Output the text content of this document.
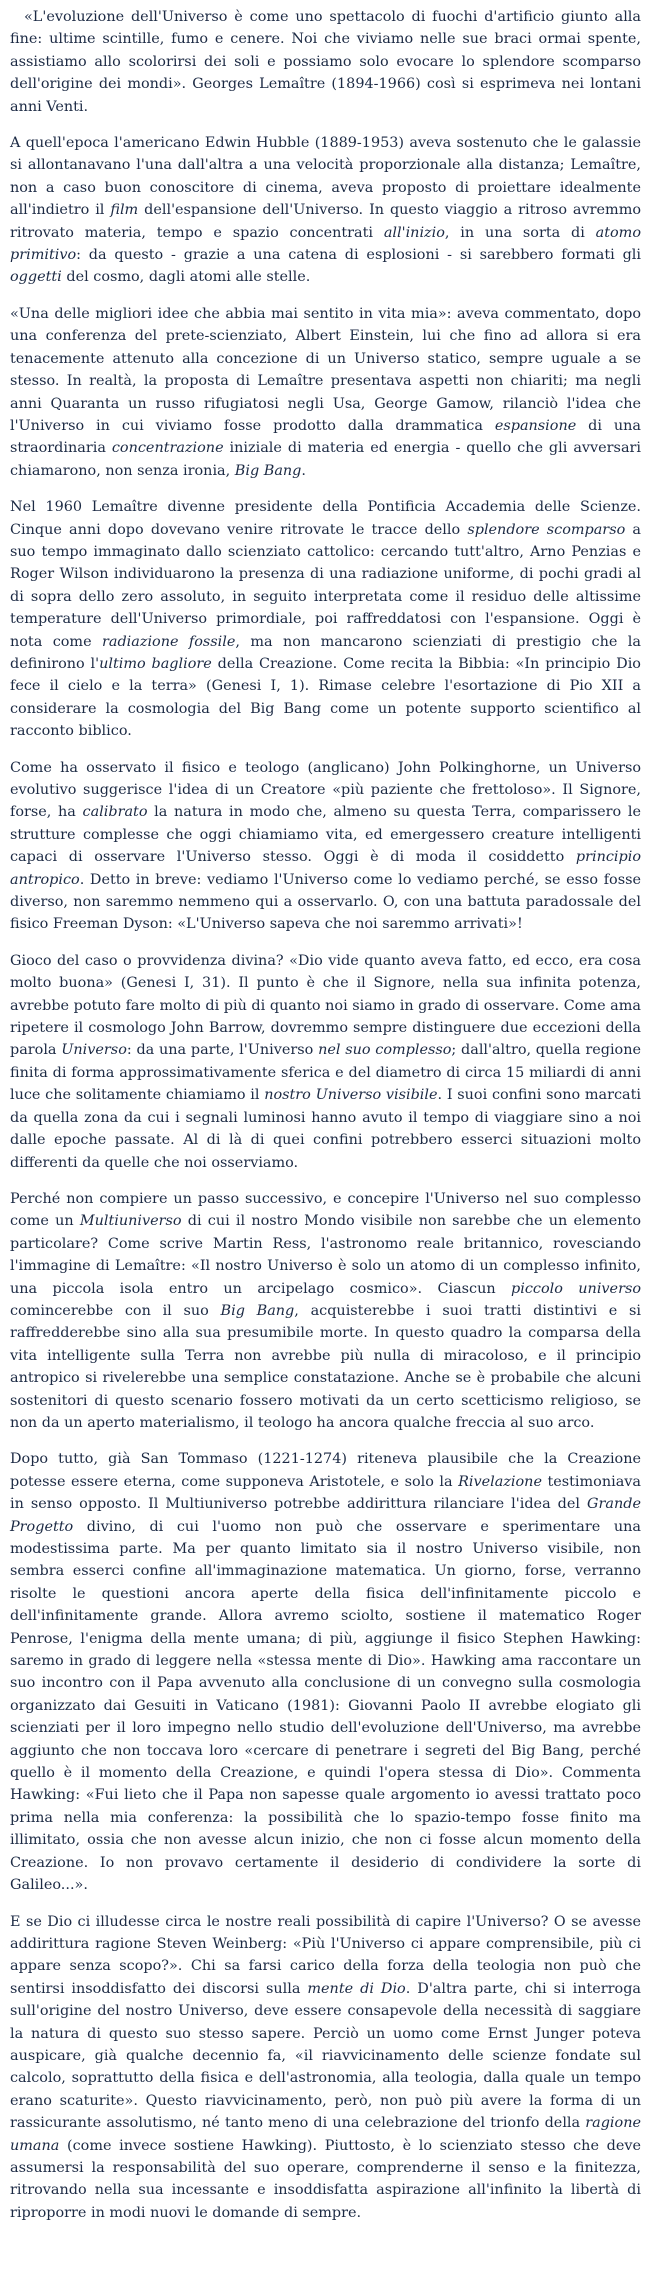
«L'evoluzione dell'Universo è come uno spettacolo di fuochi d'artificio giunto alla fine: ultime scintille, fumo e cenere. Noi che viviamo nelle sue braci ormai spente, assistiamo allo scolorirsi dei soli e possiamo solo evocare lo splendore scomparso dell'origine dei mondi». Georges Lemaître (1894-1966) così si esprimeva nei lontani anni Venti.

A quell'epoca l'americano Edwin Hubble (1889-1953) aveva sostenuto che le galassie si allontanavano l'una dall'altra a una velocità proporzionale alla distanza; Lemaître, non a caso buon conoscitore di cinema, aveva proposto di proiettare idealmente all'indietro il film dell'espansione dell'Universo. In questo viaggio a ritroso avremmo ritrovato materia, tempo e spazio concentrati all'inizio, in una sorta di atomo primitivo: da questo - grazie a una catena di esplosioni - si sarebbero formati gli oggetti del cosmo, dagli atomi alle stelle.

«Una delle migliori idee che abbia mai sentito in vita mia»: aveva commentato, dopo una conferenza del prete-scienziato, Albert Einstein, lui che fino ad allora si era tenacemente attenuto alla concezione di un Universo statico, sempre uguale a se stesso. In realtà, la proposta di Lemaître presentava aspetti non chiariti; ma negli anni Quaranta un russo rifugiatosi negli Usa, George Gamow, rilanciò l'idea che l'Universo in cui viviamo fosse prodotto dalla drammatica espansione di una straordinaria concentrazione iniziale di materia ed energia - quello che gli avversari chiamarono, non senza ironia, Big Bang.

Nel 1960 Lemaître divenne presidente della Pontificia Accademia delle Scienze. Cinque anni dopo dovevano venire ritrovate le tracce dello splendore scomparso a suo tempo immaginato dallo scienziato cattolico: cercando tutt'altro, Arno Penzias e Roger Wilson individuarono la presenza di una radiazione uniforme, di pochi gradi al di sopra dello zero assoluto, in seguito interpretata come il residuo delle altissime temperature dell'Universo primordiale, poi raffreddatosi con l'espansione. Oggi è nota come radiazione fossile, ma non mancarono scienziati di prestigio che la definirono l'ultimo bagliore della Creazione. Come recita la Bibbia: «In principio Dio fece il cielo e la terra» (Genesi I, 1). Rimase celebre l'esortazione di Pio XII a considerare la cosmologia del Big Bang come un potente supporto scientifico al racconto biblico.

Come ha osservato il fisico e teologo (anglicano) John Polkinghorne, un Universo evolutivo suggerisce l'idea di un Creatore «più paziente che frettoloso». Il Signore, forse, ha calibrato la natura in modo che, almeno su questa Terra, comparissero le strutture complesse che oggi chiamiamo vita, ed emergessero creature intelligenti capaci di osservare l'Universo stesso. Oggi è di moda il cosiddetto principio antropico. Detto in breve: vediamo l'Universo come lo vediamo perché, se esso fosse diverso, non saremmo nemmeno qui a osservarlo. O, con una battuta paradossale del fisico Freeman Dyson: «L'Universo sapeva che noi saremmo arrivati»!

Gioco del caso o provvidenza divina? «Dio vide quanto aveva fatto, ed ecco, era cosa molto buona» (Genesi I, 31). Il punto è che il Signore, nella sua infinita potenza, avrebbe potuto fare molto di più di quanto noi siamo in grado di osservare. Come ama ripetere il cosmologo John Barrow, dovremmo sempre distinguere due eccezioni della parola Universo: da una parte, l'Universo nel suo complesso; dall'altro, quella regione finita di forma approssimativamente sferica e del diametro di circa 15 miliardi di anni luce che solitamente chiamiamo il nostro Universo visibile. I suoi confini sono marcati da quella zona da cui i segnali luminosi hanno avuto il tempo di viaggiare sino a noi dalle epoche passate. Al di là di quei confini potrebbero esserci situazioni molto differenti da quelle che noi osserviamo.

Perché non compiere un passo successivo, e concepire l'Universo nel suo complesso come un Multiuniverso di cui il nostro Mondo visibile non sarebbe che un elemento particolare? Come scrive Martin Ress, l'astronomo reale britannico, rovesciando l'immagine di Lemaître: «Il nostro Universo è solo un atomo di un complesso infinito, una piccola isola entro un arcipelago cosmico». Ciascun piccolo universo comincerebbe con il suo Big Bang, acquisterebbe i suoi tratti distintivi e si raffredderebbe sino alla sua presumibile morte. In questo quadro la comparsa della vita intelligente sulla Terra non avrebbe più nulla di miracoloso, e il principio antropico si rivelerebbe una semplice constatazione. Anche se è probabile che alcuni sostenitori di questo scenario fossero motivati da un certo scetticismo religioso, se non da un aperto materialismo, il teologo ha ancora qualche freccia al suo arco.

Dopo tutto, già San Tommaso (1221-1274) riteneva plausibile che la Creazione potesse essere eterna, come supponeva Aristotele, e solo la Rivelazione testimoniava in senso opposto. Il Multiuniverso potrebbe addirittura rilanciare l'idea del Grande Progetto divino, di cui l'uomo non può che osservare e sperimentare una modestissima parte. Ma per quanto limitato sia il nostro Universo visibile, non sembra esserci confine all'immaginazione matematica. Un giorno, forse, verranno risolte le questioni ancora aperte della fisica dell'infinitamente piccolo e dell'infinitamente grande. Allora avremo sciolto, sostiene il matematico Roger Penrose, l'enigma della mente umana; di più, aggiunge il fisico Stephen Hawking: saremo in grado di leggere nella «stessa mente di Dio». Hawking ama raccontare un suo incontro con il Papa avvenuto alla conclusione di un convegno sulla cosmologia organizzato dai Gesuiti in Vaticano (1981): Giovanni Paolo II avrebbe elogiato gli scienziati per il loro impegno nello studio dell'evoluzione dell'Universo, ma avrebbe aggiunto che non toccava loro «cercare di penetrare i segreti del Big Bang, perché quello è il momento della Creazione, e quindi l'opera stessa di Dio». Commenta Hawking: «Fui lieto che il Papa non sapesse quale argomento io avessi trattato poco prima nella mia conferenza: la possibilità che lo spazio-tempo fosse finito ma illimitato, ossia che non avesse alcun inizio, che non ci fosse alcun momento della Creazione. Io non provavo certamente il desiderio di condividere la sorte di Galileo...».

E se Dio ci illudesse circa le nostre reali possibilità di capire l'Universo? O se avesse addirittura ragione Steven Weinberg: «Più l'Universo ci appare comprensibile, più ci appare senza scopo?». Chi sa farsi carico della forza della teologia non può che sentirsi insoddisfatto dei discorsi sulla mente di Dio. D'altra parte, chi si interroga sull'origine del nostro Universo, deve essere consapevole della necessità di saggiare la natura di questo suo stesso sapere. Perciò un uomo come Ernst Junger poteva auspicare, già qualche decennio fa, «il riavvicinamento delle scienze fondate sul calcolo, soprattutto della fisica e dell'astronomia, alla teologia, dalla quale un tempo erano scaturite». Questo riavvicinamento, però, non può più avere la forma di un rassicurante assolutismo, né tanto meno di una celebrazione del trionfo della ragione umana (come invece sostiene Hawking). Piuttosto, è lo scienziato stesso che deve assumersi la responsabilità del suo operare, comprenderne il senso e la finitezza, ritrovando nella sua incessante e insoddisfatta aspirazione all'infinito la libertà di riproporre in modi nuovi le domande di sempre.
